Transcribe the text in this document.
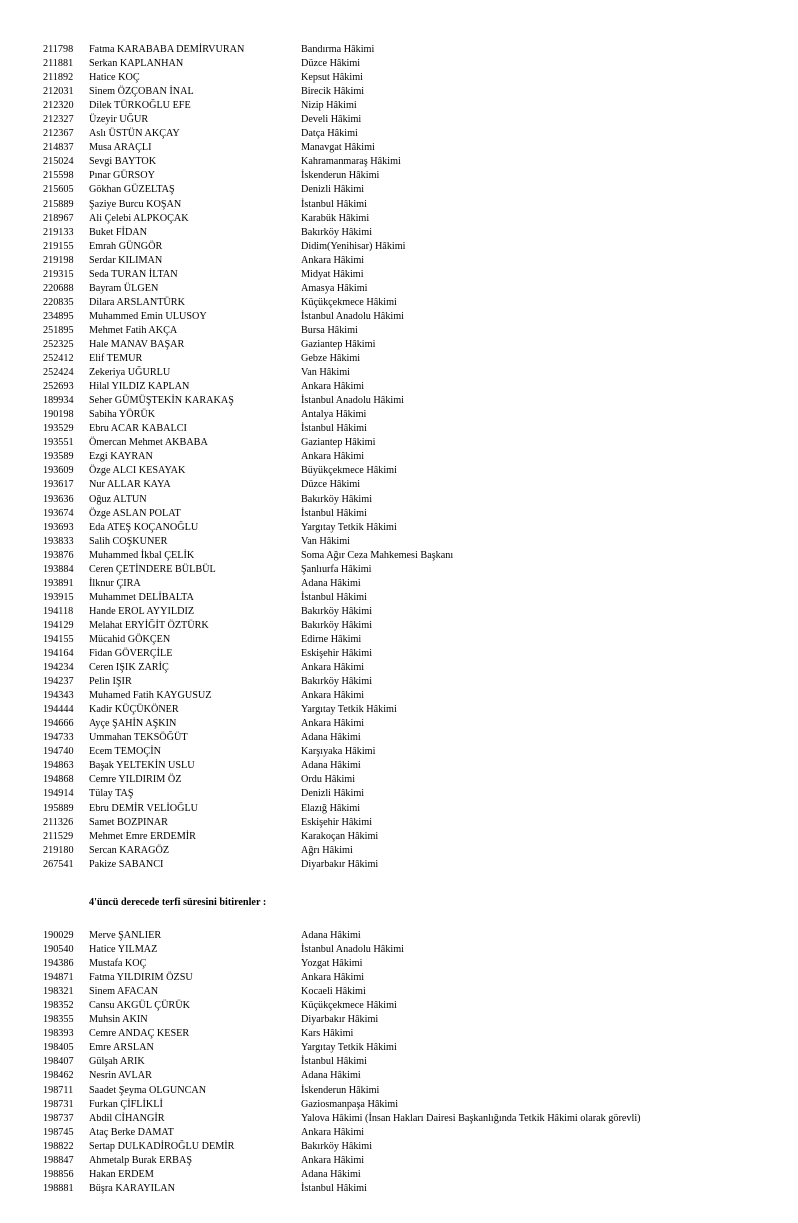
211798	Fatma KARABABA DEMİRVURAN	Bandırma Hâkimi
211881	Serkan KAPLANHAN	Düzce Hâkimi
211892	Hatice KOÇ	Kepsut Hâkimi
212031	Sinem ÖZÇOBAN İNAL	Birecik Hâkimi
212320	Dilek TÜRKOĞLU EFE	Nizip Hâkimi
212327	Üzeyir UĞUR	Develi Hâkimi
212367	Aslı ÜSTÜN AKÇAY	Datça Hâkimi
214837	Musa ARAÇLI	Manavgat Hâkimi
215024	Sevgi BAYTOK	Kahramanmaraş Hâkimi
215598	Pınar GÜRSOY	İskenderun Hâkimi
215605	Gökhan GÜZELTAŞ	Denizli Hâkimi
215889	Şaziye Burcu KOŞAN	İstanbul Hâkimi
218967	Ali Çelebi ALPKOÇAK	Karabük Hâkimi
219133	Buket FİDAN	Bakırköy Hâkimi
219155	Emrah GÜNGÖR	Didim(Yenihisar) Hâkimi
219198	Serdar KILIMAN	Ankara Hâkimi
219315	Seda TURAN İLTAN	Midyat Hâkimi
220688	Bayram ÜLGEN	Amasya Hâkimi
220835	Dilara ARSLANTÜRK	Küçükçekmece Hâkimi
234895	Muhammed Emin ULUSOY	İstanbul Anadolu Hâkimi
251895	Mehmet Fatih AKÇA	Bursa Hâkimi
252325	Hale MANAV BAŞAR	Gaziantep Hâkimi
252412	Elif TEMUR	Gebze Hâkimi
252424	Zekeriya UĞURLU	Van Hâkimi
252693	Hilal YILDIZ KAPLAN	Ankara Hâkimi
189934	Seher GÜMÜŞTEKİN KARAKAŞ	İstanbul Anadolu Hâkimi
190198	Sabiha YÖRÜK	Antalya Hâkimi
193529	Ebru ACAR KABALCI	İstanbul Hâkimi
193551	Ömercan Mehmet AKBABA	Gaziantep Hâkimi
193589	Ezgi KAYRAN	Ankara Hâkimi
193609	Özge ALCI KESAYAK	Büyükçekmece Hâkimi
193617	Nur ALLAR KAYA	Düzce Hâkimi
193636	Oğuz ALTUN	Bakırköy Hâkimi
193674	Özge ASLAN POLAT	İstanbul Hâkimi
193693	Eda ATEŞ KOÇANOĞLU	Yargıtay Tetkik Hâkimi
193833	Salih COŞKUNER	Van Hâkimi
193876	Muhammed İkbal ÇELİK	Soma Ağır Ceza Mahkemesi Başkanı
193884	Ceren ÇETİNDERE BÜLBÜL	Şanlıurfa Hâkimi
193891	İlknur ÇIRA	Adana Hâkimi
193915	Muhammet DELİBALTA	İstanbul Hâkimi
194118	Hande EROL AYYILDIZ	Bakırköy Hâkimi
194129	Melahat ERYİĞİT ÖZTÜRK	Bakırköy Hâkimi
194155	Mücahid GÖKÇEN	Edirne Hâkimi
194164	Fidan GÖVERÇİLE	Eskişehir Hâkimi
194234	Ceren IŞIK ZARİÇ	Ankara Hâkimi
194237	Pelin IŞIR	Bakırköy Hâkimi
194343	Muhamed Fatih KAYGUSUZ	Ankara Hâkimi
194444	Kadir KÜÇÜKÖNER	Yargıtay Tetkik Hâkimi
194666	Ayçe ŞAHİN AŞKIN	Ankara Hâkimi
194733	Ummahan TEKSÖĞÜT	Adana Hâkimi
194740	Ecem TEMOÇİN	Karşıyaka Hâkimi
194863	Başak YELTEKİN USLU	Adana Hâkimi
194868	Cemre YILDIRIM ÖZ	Ordu Hâkimi
194914	Tülay TAŞ	Denizli Hâkimi
195889	Ebru DEMİR VELİOĞLU	Elazığ Hâkimi
211326	Samet BOZPINAR	Eskişehir Hâkimi
211529	Mehmet Emre ERDEMİR	Karakoçan Hâkimi
219180	Sercan KARAGÖZ	Ağrı Hâkimi
267541	Pakize SABANCI	Diyarbakır Hâkimi
4'üncü derecede terfi süresini bitirenler :
190029	Merve ŞANLIER	Adana Hâkimi
190540	Hatice YILMAZ	İstanbul Anadolu Hâkimi
194386	Mustafa KOÇ	Yozgat Hâkimi
194871	Fatma YILDIRIM ÖZSU	Ankara Hâkimi
198321	Sinem AFACAN	Kocaeli Hâkimi
198352	Cansu AKGÜL ÇÜRÜK	Küçükçekmece Hâkimi
198355	Muhsin AKIN	Diyarbakır Hâkimi
198393	Cemre ANDAÇ KESER	Kars Hâkimi
198405	Emre ARSLAN	Yargıtay Tetkik Hâkimi
198407	Gülşah ARIK	İstanbul Hâkimi
198462	Nesrin AVLAR	Adana Hâkimi
198711	Saadet Şeyma OLGUNCAN	İskenderun Hâkimi
198731	Furkan ÇİFLİKLİ	Gaziosmanpaşa Hâkimi
198737	Abdil CİHANGİR	Yalova Hâkimi (İnsan Hakları Dairesi Başkanlığında Tetkik Hâkimi olarak görevli)
198745	Ataç Berke DAMAT	Ankara Hâkimi
198822	Sertap DULKADİROĞLU DEMİR	Bakırköy Hâkimi
198847	Ahmetalp Burak ERBAŞ	Ankara Hâkimi
198856	Hakan ERDEM	Adana Hâkimi
198881	Büşra KARAYILAN	İstanbul Hâkimi
